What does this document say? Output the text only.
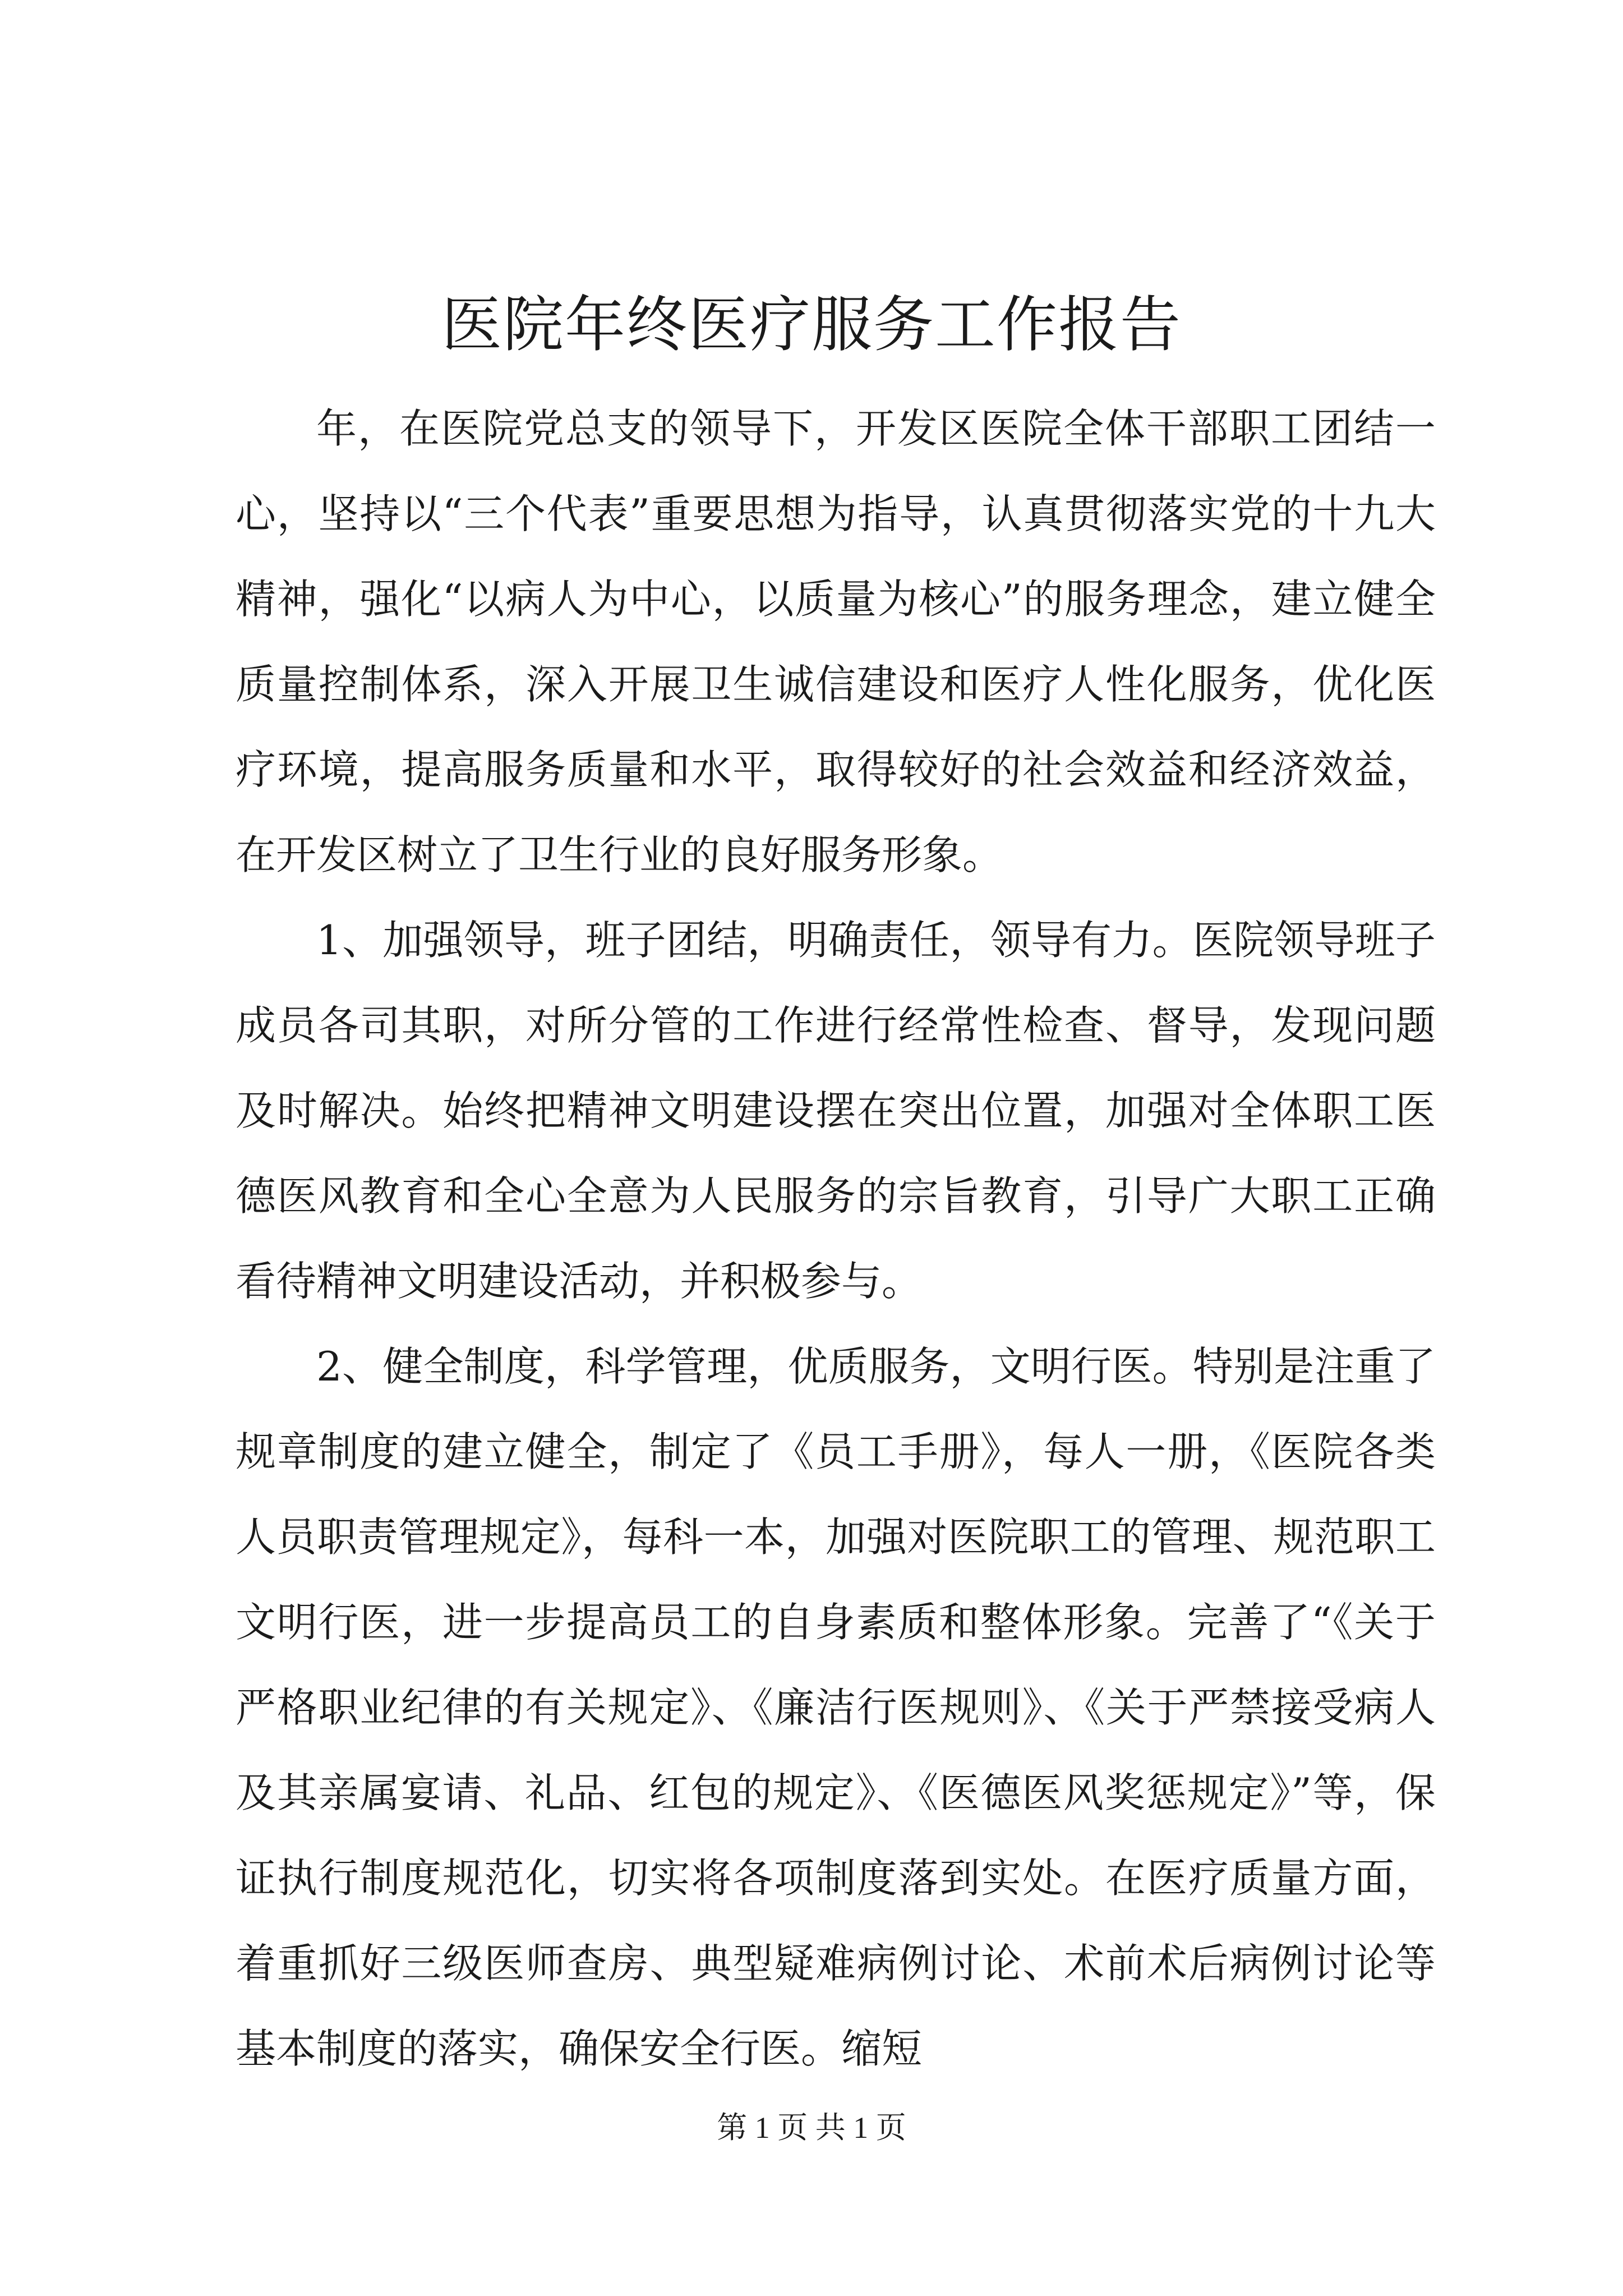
医院年终医疗服务工作报告

年，在医院党总支的领导下，开发区医院全体干部职工团结一心，坚持以“三个代表”重要思想为指导，认真贯彻落实党的十九大精神，强化“以病人为中心，以质量为核心”的服务理念，建立健全质量控制体系，深入开展卫生诚信建设和医疗人性化服务，优化医疗环境，提高服务质量和水平，取得较好的社会效益和经济效益，在开发区树立了卫生行业的良好服务形象。

1、加强领导，班子团结，明确责任，领导有力。医院领导班子成员各司其职，对所分管的工作进行经常性检查、督导，发现问题及时解决。始终把精神文明建设摆在突出位置，加强对全体职工医德医风教育和全心全意为人民服务的宗旨教育，引导广大职工正确看待精神文明建设活动，并积极参与。

2、健全制度，科学管理，优质服务，文明行医。特别是注重了规章制度的建立健全，制定了《员工手册》，每人一册，《医院各类人员职责管理规定》，每科一本，加强对医院职工的管理、规范职工文明行医，进一步提高员工的自身素质和整体形象。完善了“《关于严格职业纪律的有关规定》、《廉洁行医规则》、《关于严禁接受病人及其亲属宴请、礼品、红包的规定》、《医德医风奖惩规定》”等，保证执行制度规范化，切实将各项制度落到实处。在医疗质量方面，着重抓好三级医师查房、典型疑难病例讨论、术前术后病例讨论等基本制度的落实，确保安全行医。缩短

第 1 页 共 1 页
